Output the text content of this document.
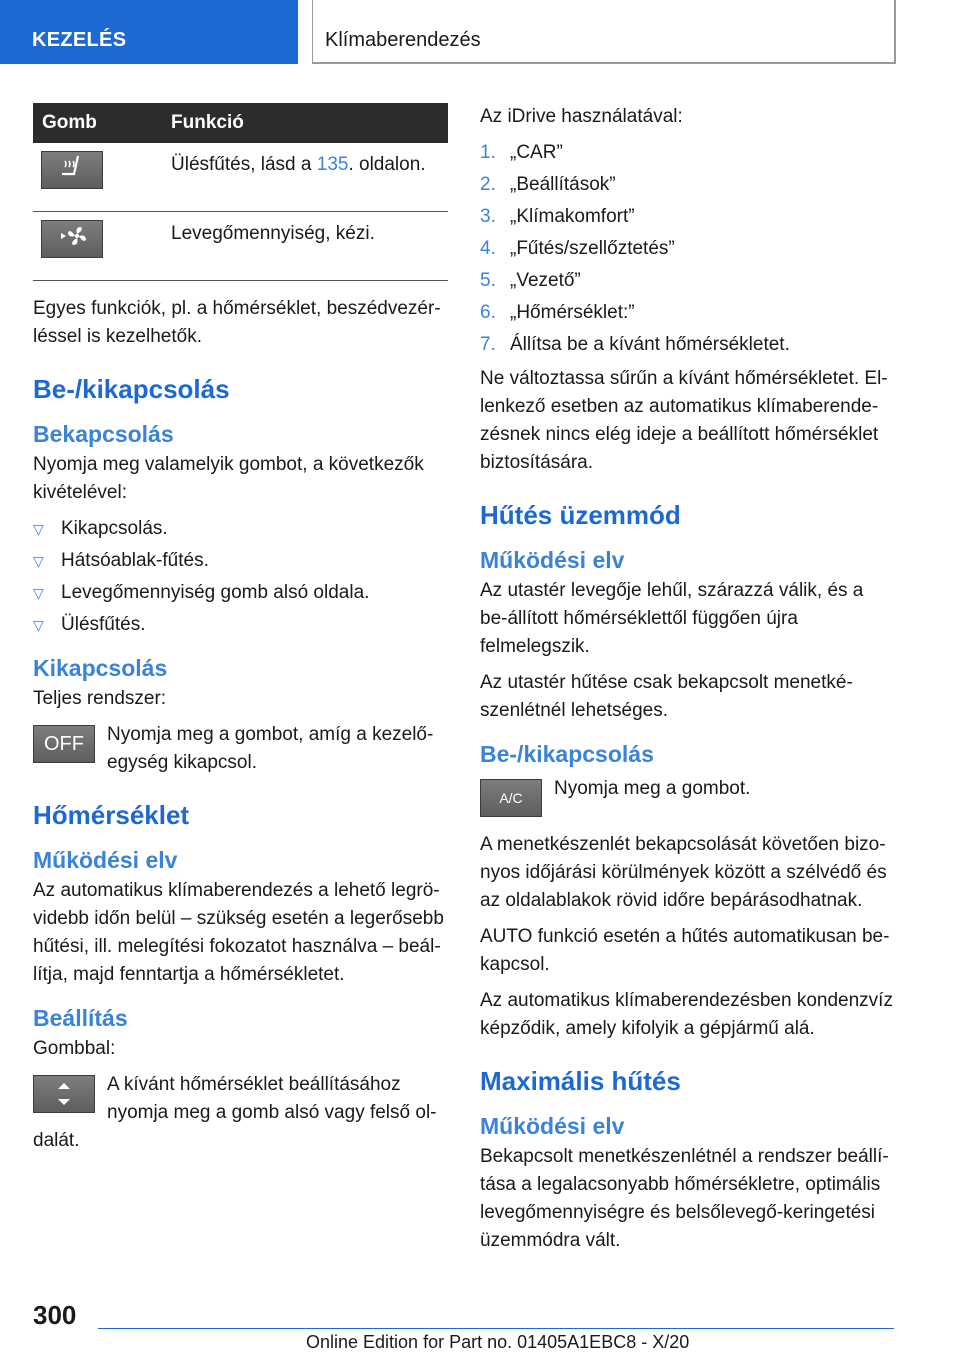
KEZELÉS	Klímaberendezés
Gomb	Funkció
	Ülésfűtés, lásd a 135. oldalon.
	Levegőmennyiség, kézi.

Egyes funkciók, pl. a hőmérséklet, beszédvezér-
léssel is kezelhetők.

Be-/kikapcsolás
Bekapcsolás

Nyomja meg valamelyik gombot, a következők kivételével:

▽ Kikapcsolás.
▽ Hátsóablak-fűtés.
▽ Levegőmennyiség gomb alsó oldala.
▽ Ülésfűtés.
Kikapcsolás

Teljes rendszer:

OFF	Nyomja meg a gombot, amíg a kezelő-egység kikapcsol.
Hőmérséklet
Működési elv

Az automatikus klímaberendezés a lehető legrö-videbb időn belül – szükség esetén a legerősebb hűtési, ill. melegítési fokozatot használva – beál-lítja, majd fenntartja a hőmérsékletet.

Beállítás

Gombbal:

A kívánt hőmérséklet beállításához nyomja meg a gomb alsó vagy felső ol-dalát.

Az iDrive használatával:

1. „CAR”
2. „Beállítások”
3. „Klímakomfort”
4. „Fűtés/szellőztetés”
5. „Vezető”
6. „Hőmérséklet:”
7. Állítsa be a kívánt hőmérsékletet.

Ne változtassa sűrűn a kívánt hőmérsékletet. El-lenkező esetben az automatikus klímaberende-zésnek nincs elég ideje a beállított hőmérséklet biztosítására.

Hűtés üzemmód
Működési elv

Az utastér levegője lehűl, szárazzá válik, és a be-állított hőmérséklettől függően újra felmelegszik.

Az utastér hűtése csak bekapcsolt menetké-szenlétnél lehetséges.

Be-/kikapcsolás
A/C	Nyomja meg a gombot.

A menetkészenlét bekapcsolását követően bizo-nyos időjárási körülmények között a szélvédő és az oldalablakok rövid időre bepárásodhatnak.

AUTO funkció esetén a hűtés automatikusan be-kapcsol.

Az automatikus klímaberendezésben kondenzvíz képződik, amely kifolyik a gépjármű alá.

Maximális hűtés
Működési elv

Bekapcsolt menetkészenlétnél a rendszer beállí-tása a legalacsonyabb hőmérsékletre, optimális levegőmennyiségre és belsőlevegő-keringetési üzemmódra vált.

300
Online Edition for Part no. 01405A1EBC8 - X/20
